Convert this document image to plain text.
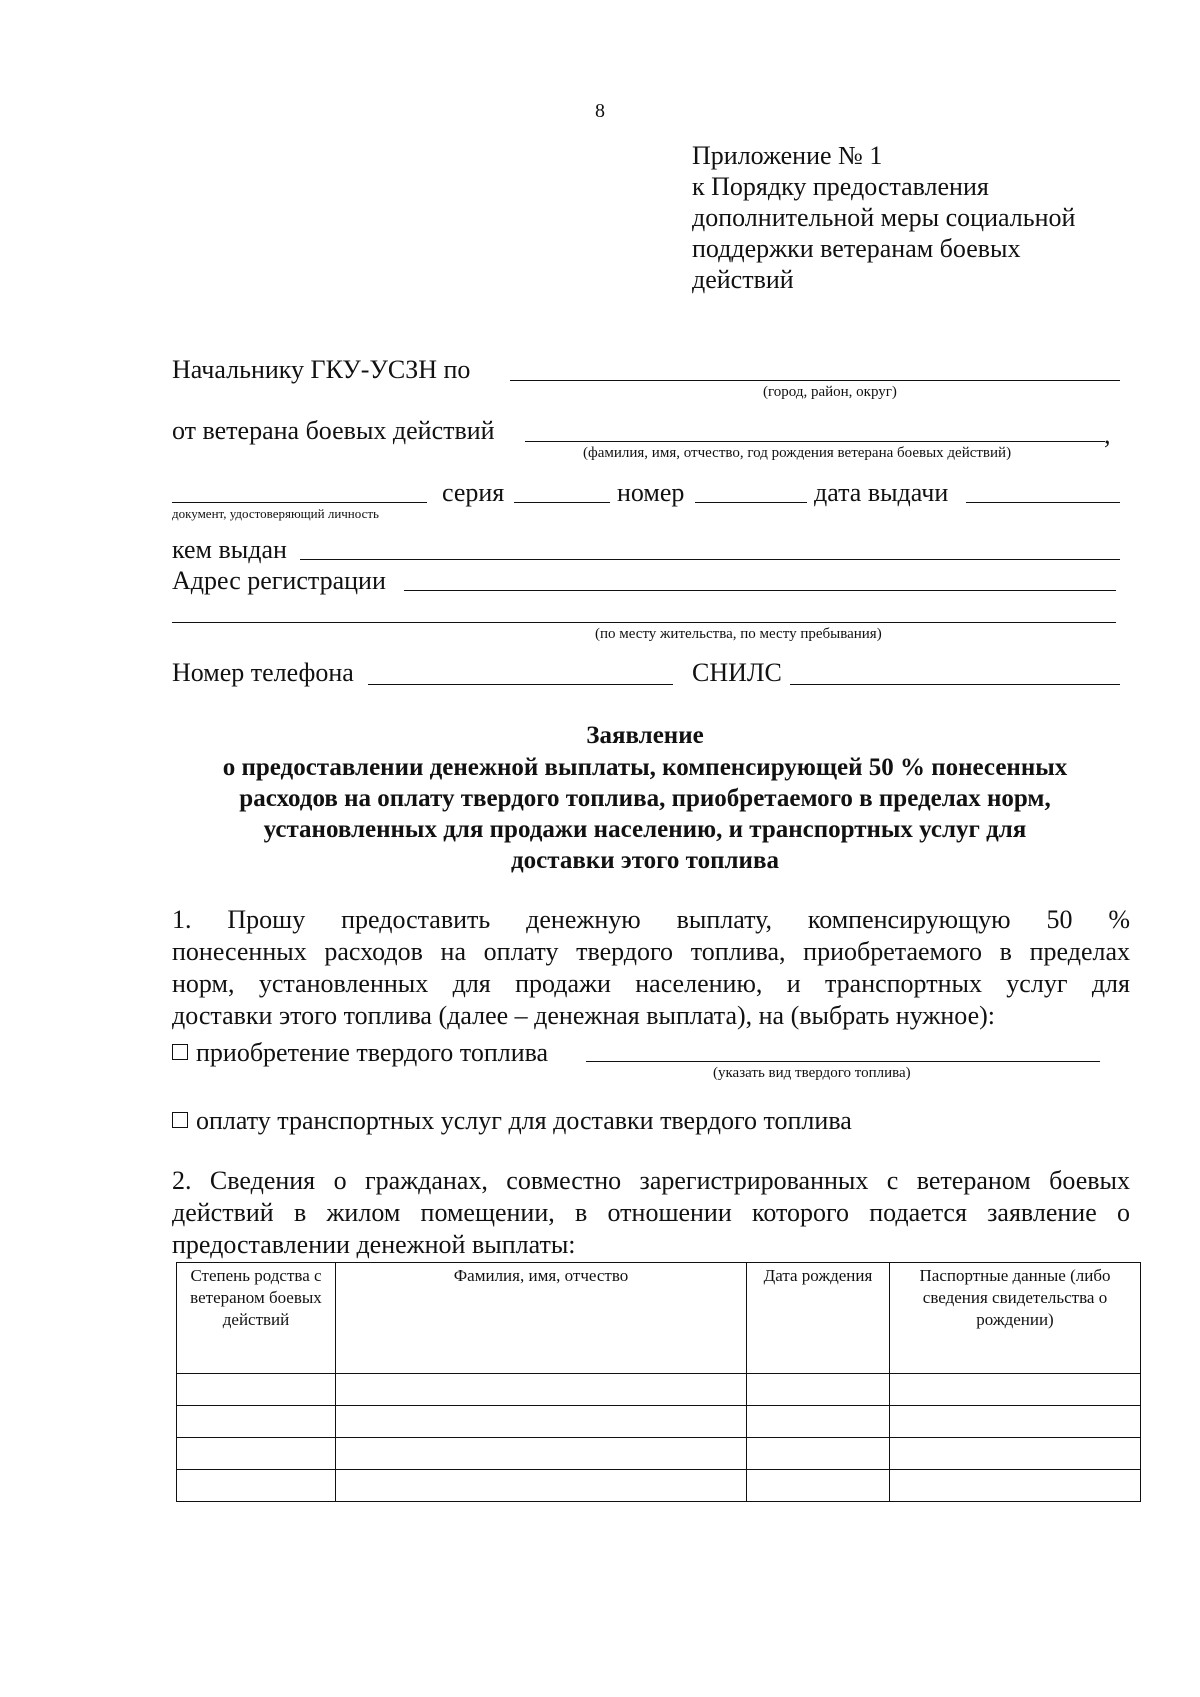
8
Приложение № 1
к Порядку предоставления
дополнительной меры социальной
поддержки ветеранам боевых
действий
Начальнику ГКУ-УСЗН по
(город, район, округ)
от ветерана боевых действий	,
(фамилия, имя, отчество, год рождения ветерана боевых действий)
документ, удостоверяющий личность
серия	номер	дата выдачи
кем выдан
Адрес регистрации
(по месту жительства, по месту пребывания)
Номер телефона	СНИЛС
Заявление
о предоставлении денежной выплаты, компенсирующей 50 % понесенных
расходов на оплату твердого топлива, приобретаемого в пределах норм,
установленных для продажи населению, и транспортных услуг для
доставки этого топлива
1. Прошу предоставить денежную выплату, компенсирующую 50 %
понесенных расходов на оплату твердого топлива, приобретаемого в пределах
норм, установленных для продажи населению, и транспортных услуг для
доставки этого топлива (далее – денежная выплата), на (выбрать нужное):
приобретение твердого топлива
(указать вид твердого топлива)
оплату транспортных услуг для доставки твердого топлива
2. Сведения о гражданах, совместно зарегистрированных с ветераном боевых
действий в жилом помещении, в отношении которого подается заявление о
предоставлении денежной выплаты:
Степень родства с ветераном боевых действий	Фамилия, имя, отчество	Дата рождения	Паспортные данные (либо сведения свидетельства о рождении)
